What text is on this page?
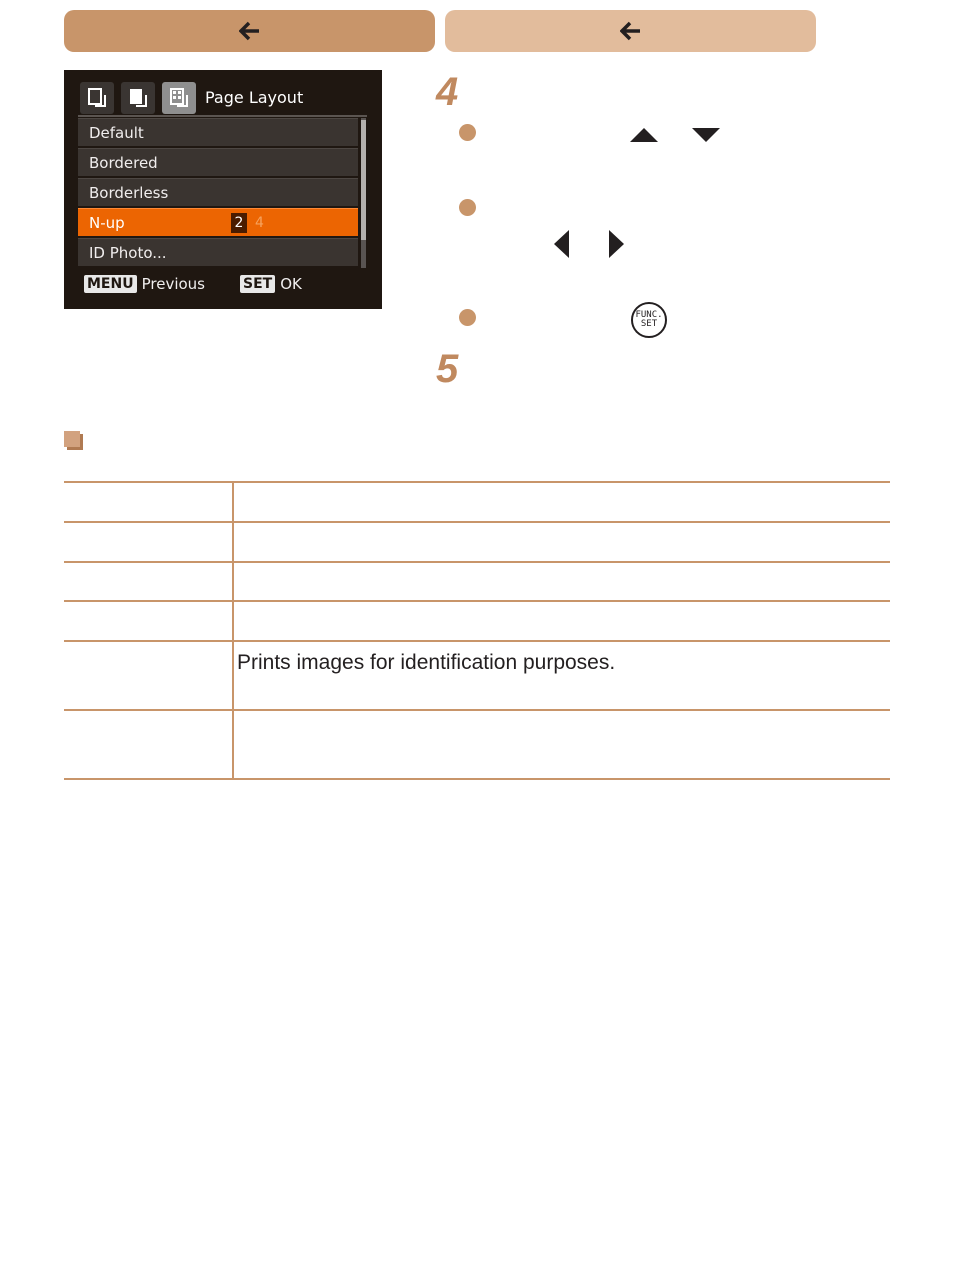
Page Layout
Default
Bordered
Borderless
N-up	2 4
ID Photo...
MENU Previous	SET OK
4
FUNC.
SET
5
Prints images for identification purposes.
